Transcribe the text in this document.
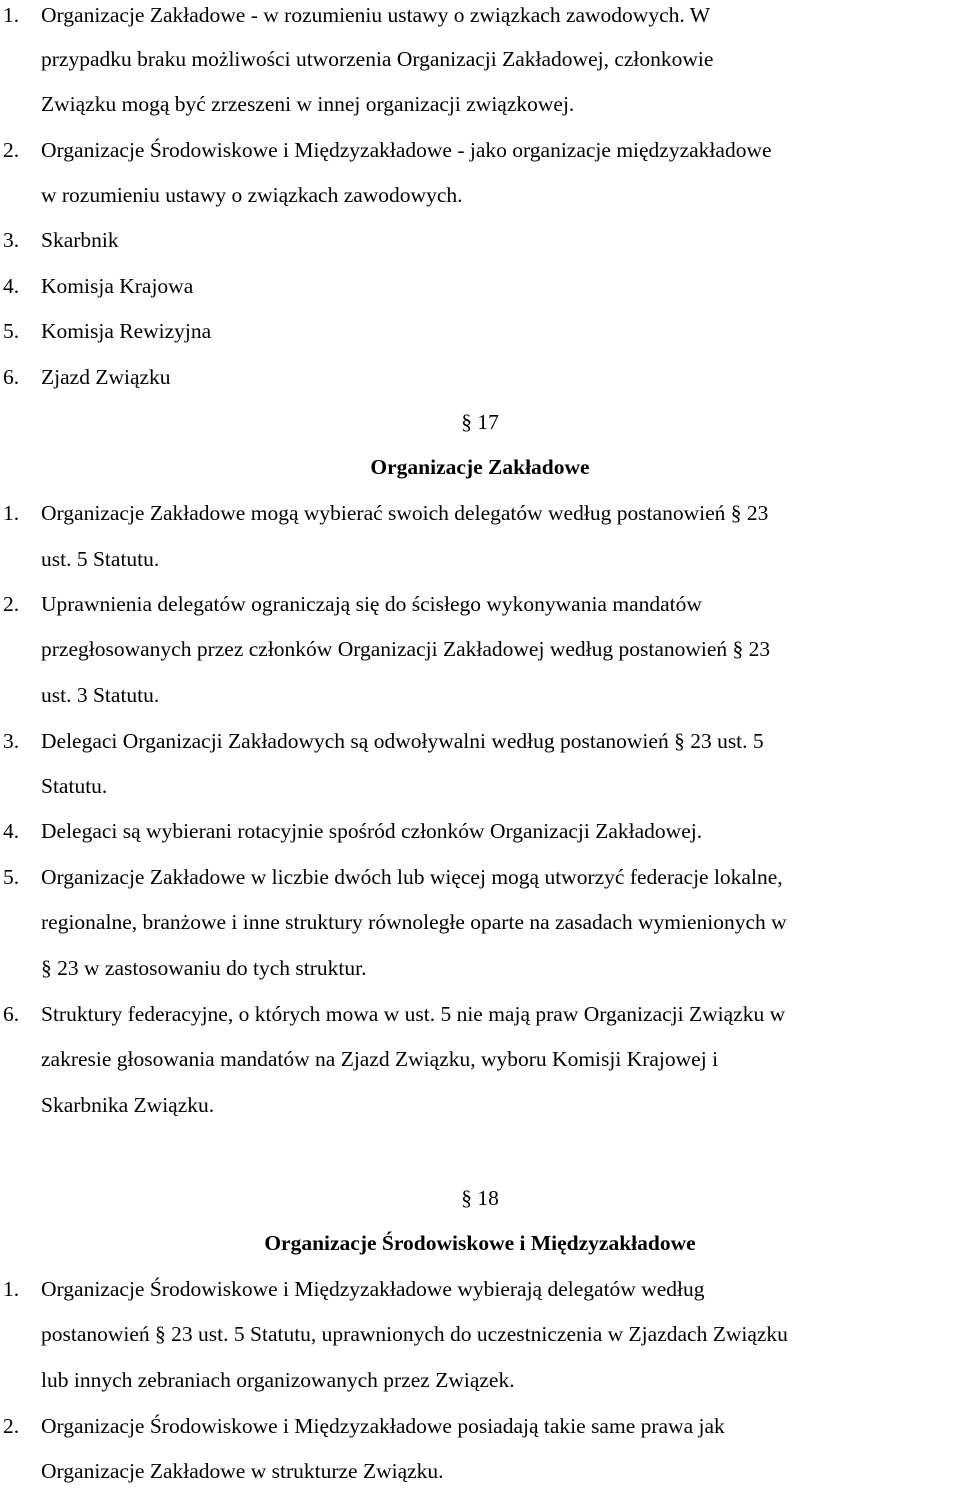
1. Organizacje Zakładowe - w rozumieniu ustawy o związkach zawodowych. W
przypadku braku możliwości utworzenia Organizacji Zakładowej, członkowie
Związku mogą być zrzeszeni w innej organizacji związkowej.
2. Organizacje Środowiskowe i Międzyzakładowe - jako organizacje międzyzakładowe
w rozumieniu ustawy o związkach zawodowych.
3. Skarbnik
4. Komisja Krajowa
5. Komisja Rewizyjna
6. Zjazd Związku
§ 17
Organizacje Zakładowe
1. Organizacje Zakładowe mogą wybierać swoich delegatów według postanowień § 23
ust. 5 Statutu.
2. Uprawnienia delegatów ograniczają się do ścisłego wykonywania mandatów
przegłosowanych przez członków Organizacji Zakładowej według postanowień § 23
ust. 3 Statutu.
3. Delegaci Organizacji Zakładowych są odwoływalni według postanowień § 23 ust. 5
Statutu.
4. Delegaci są wybierani rotacyjnie spośród członków Organizacji Zakładowej.
5. Organizacje Zakładowe w liczbie dwóch lub więcej mogą utworzyć federacje lokalne,
regionalne, branżowe i inne struktury równoległe oparte na zasadach wymienionych w
§ 23 w zastosowaniu do tych struktur.
6. Struktury federacyjne, o których mowa w ust. 5 nie mają praw Organizacji Związku w
zakresie głosowania mandatów na Zjazd Związku, wyboru Komisji Krajowej i
Skarbnika Związku.
§ 18
Organizacje Środowiskowe i Międzyzakładowe
1. Organizacje Środowiskowe i Międzyzakładowe wybierają delegatów według
postanowień § 23 ust. 5 Statutu, uprawnionych do uczestniczenia w Zjazdach Związku
lub innych zebraniach organizowanych przez Związek.
2. Organizacje Środowiskowe i Międzyzakładowe posiadają takie same prawa jak
Organizacje Zakładowe w strukturze Związku.
